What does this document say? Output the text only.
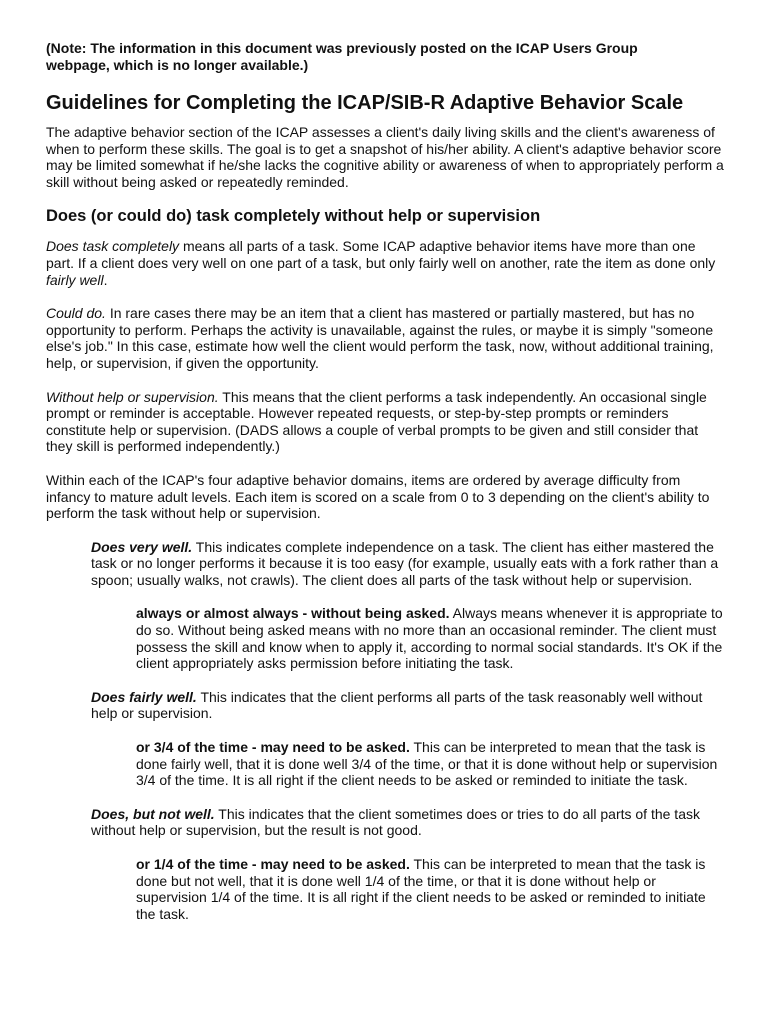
(Note: The information in this document was previously posted on the ICAP Users Group
webpage, which is no longer available.)

Guidelines for Completing the ICAP/SIB-R Adaptive Behavior Scale

The adaptive behavior section of the ICAP assesses a client's daily living skills and the client's awareness of when to perform these skills. The goal is to get a snapshot of his/her ability. A client's adaptive behavior score may be limited somewhat if he/she lacks the cognitive ability or awareness of when to appropriately perform a skill without being asked or repeatedly reminded.

Does (or could do) task completely without help or supervision

Does task completely means all parts of a task. Some ICAP adaptive behavior items have more than one part. If a client does very well on one part of a task, but only fairly well on another, rate the item as done only fairly well.

Could do. In rare cases there may be an item that a client has mastered or partially mastered, but has no opportunity to perform. Perhaps the activity is unavailable, against the rules, or maybe it is simply "someone else's job." In this case, estimate how well the client would perform the task, now, without additional training, help, or supervision, if given the opportunity.

Without help or supervision. This means that the client performs a task independently. An occasional single prompt or reminder is acceptable. However repeated requests, or step-by-step prompts or reminders constitute help or supervision. (DADS allows a couple of verbal prompts to be given and still consider that they skill is performed independently.)

Within each of the ICAP's four adaptive behavior domains, items are ordered by average difficulty from infancy to mature adult levels. Each item is scored on a scale from 0 to 3 depending on the client's ability to perform the task without help or supervision.

Does very well. This indicates complete independence on a task. The client has either mastered the task or no longer performs it because it is too easy (for example, usually eats with a fork rather than a spoon; usually walks, not crawls). The client does all parts of the task without help or supervision.

always or almost always - without being asked. Always means whenever it is appropriate to do so. Without being asked means with no more than an occasional reminder. The client must possess the skill and know when to apply it, according to normal social standards. It's OK if the client appropriately asks permission before initiating the task.

Does fairly well. This indicates that the client performs all parts of the task reasonably well without help or supervision.

or 3/4 of the time - may need to be asked. This can be interpreted to mean that the task is done fairly well, that it is done well 3/4 of the time, or that it is done without help or supervision 3/4 of the time. It is all right if the client needs to be asked or reminded to initiate the task.

Does, but not well. This indicates that the client sometimes does or tries to do all parts of the task without help or supervision, but the result is not good.

or 1/4 of the time - may need to be asked. This can be interpreted to mean that the task is done but not well, that it is done well 1/4 of the time, or that it is done without help or supervision 1/4 of the time. It is all right if the client needs to be asked or reminded to initiate the task.
